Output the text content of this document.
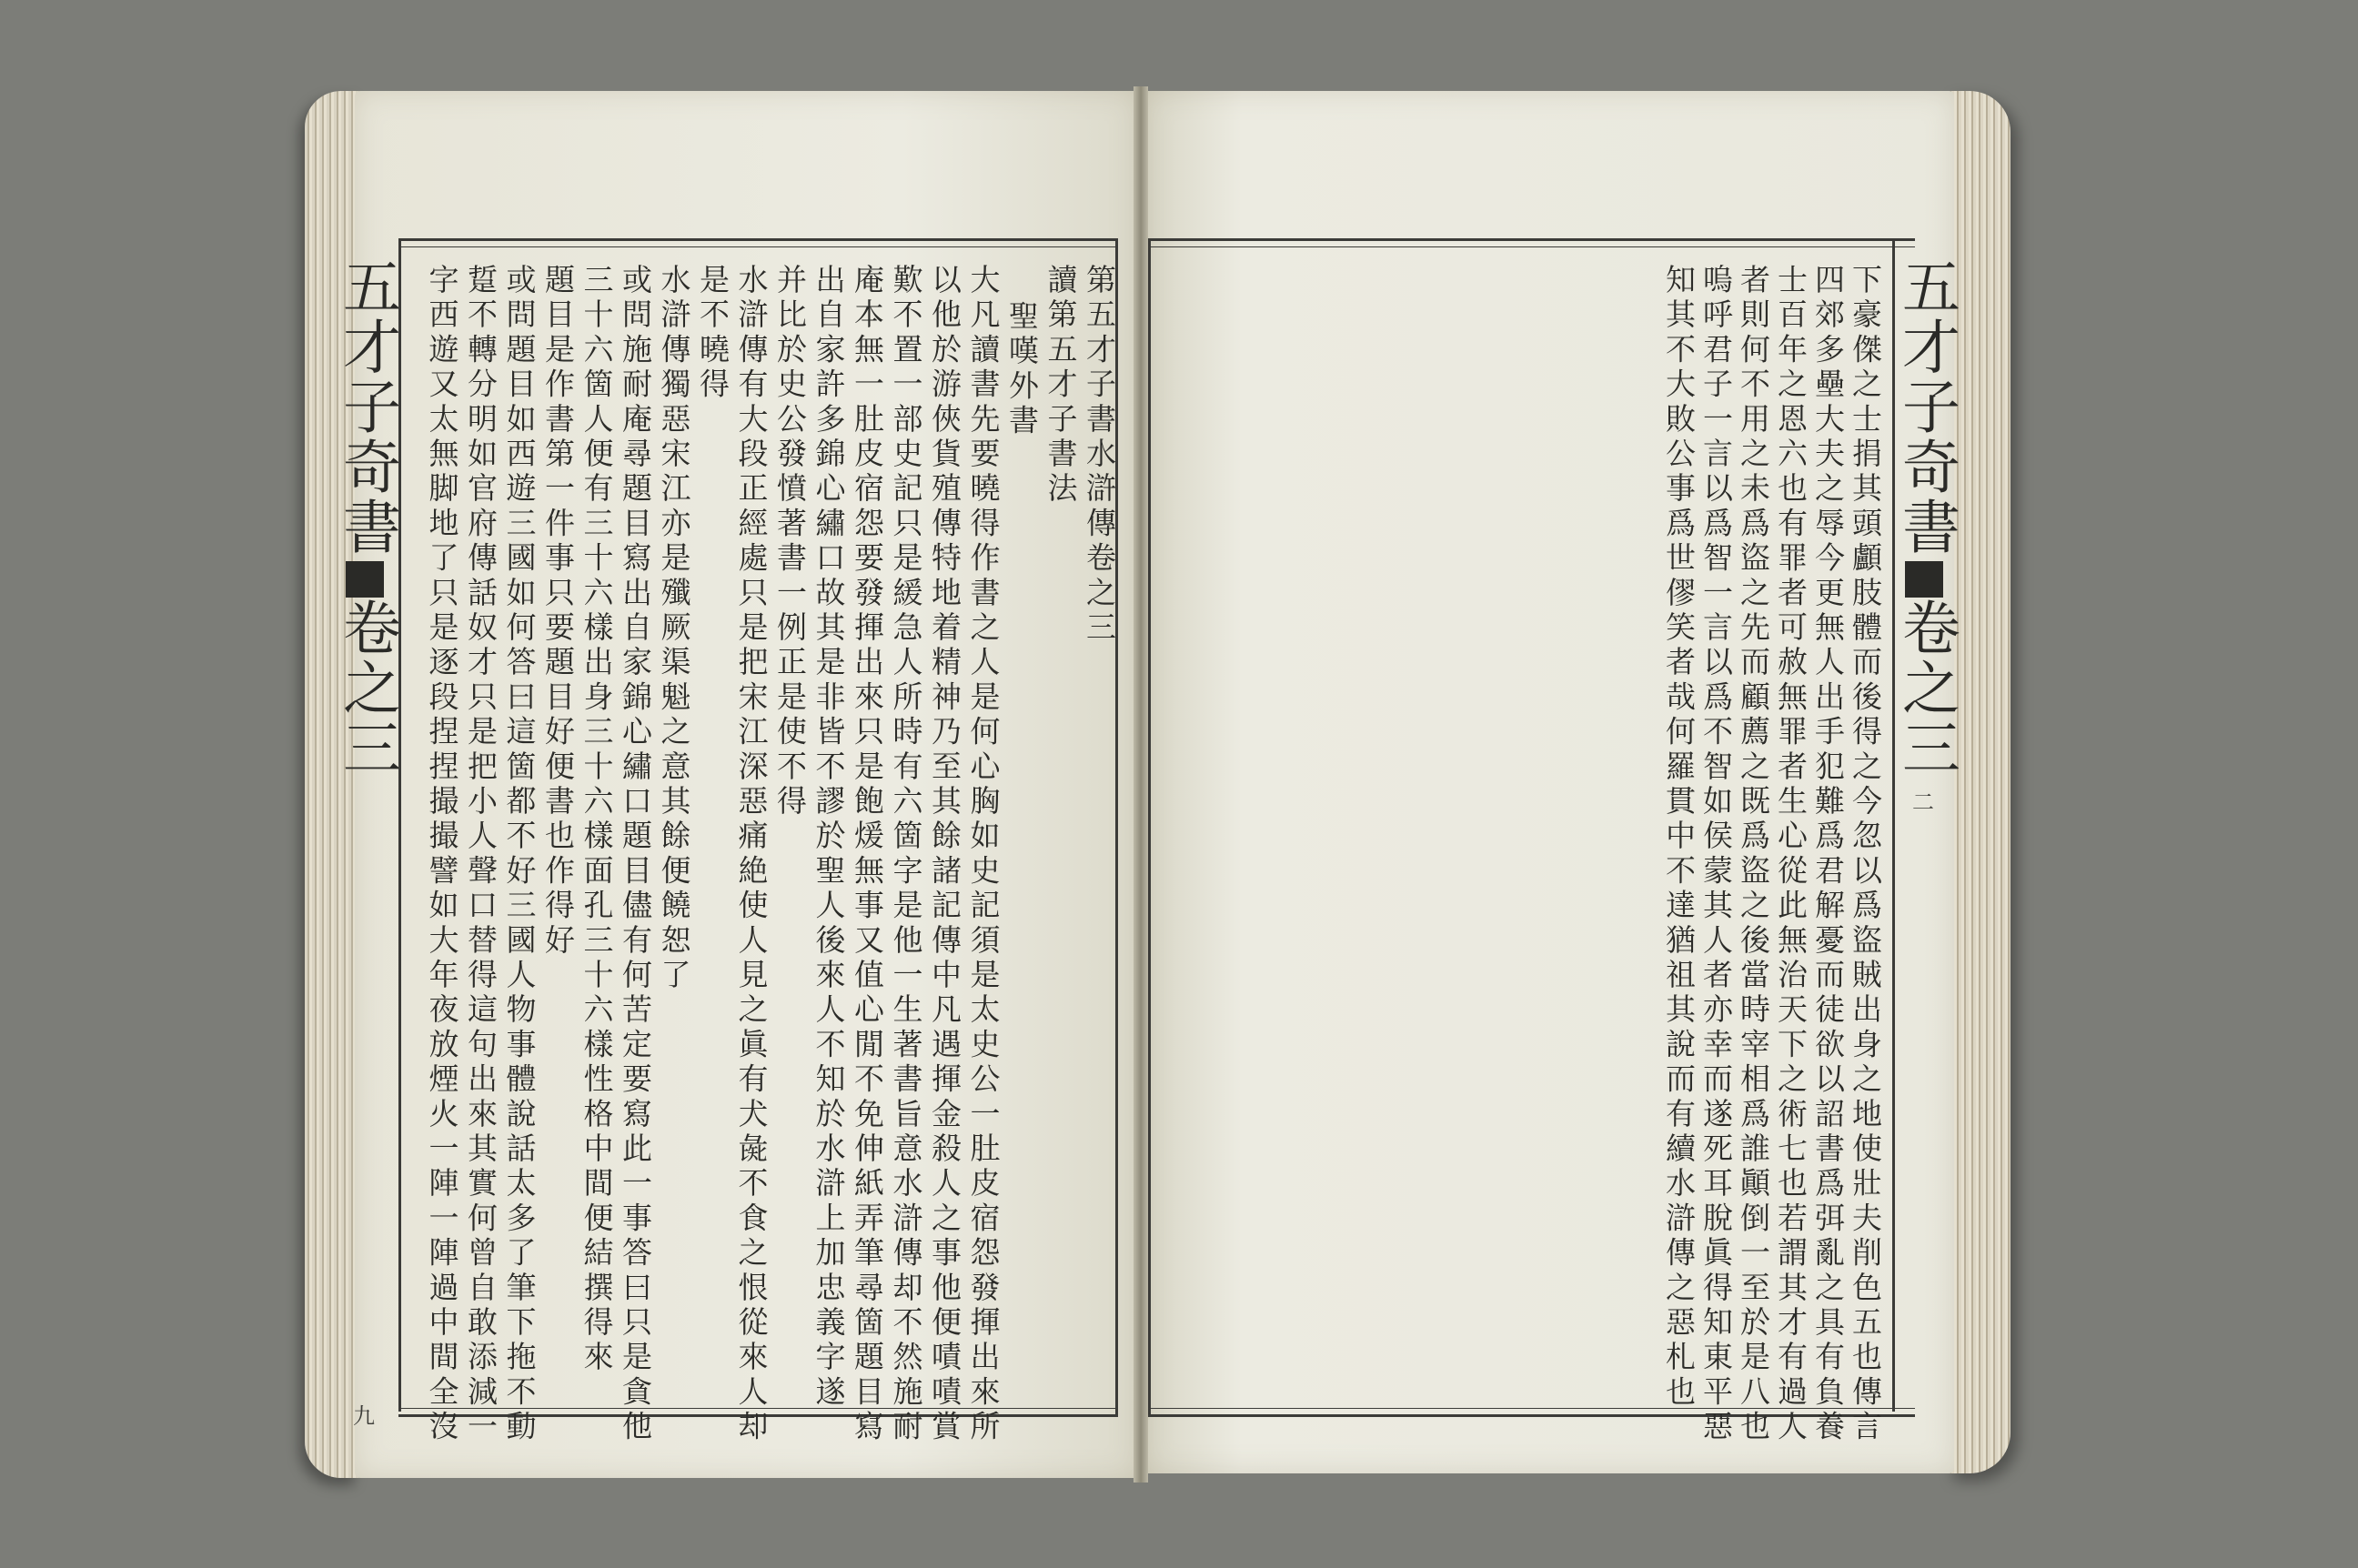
五才子奇書
卷之三
九
第五才子書水滸傳卷之三
讀第五才子書法
聖嘆外書
大凡讀書先要曉得作書之人是何心胸如史記須是太史公一肚皮宿怨發揮出來所
以他於游俠貨殖傳特地着精神乃至其餘諸記傳中凡遇揮金殺人之事他便嘖嘖賞
歎不置一部史記只是緩急人所時有六箇字是他一生著書旨意水滸傳却不然施耐
庵本無一肚皮宿怨要發揮出來只是飽煖無事又值心閒不免伸紙弄筆尋箇題目寫
出自家許多錦心繡口故其是非皆不謬於聖人後來人不知於水滸上加忠義字遂
并比於史公發憤著書一例正是使不得
水滸傳有大段正經處只是把宋江深惡痛絶使人見之眞有犬彘不食之恨從來人却
是不曉得
水滸傳獨惡宋江亦是殲厥渠魁之意其餘便饒恕了
或問施耐庵尋題目寫出自家錦心繡口題目儘有何苦定要寫此一事答曰只是貪他
三十六箇人便有三十六樣出身三十六樣面孔三十六樣性格中間便結撰得來
題目是作書第一件事只要題目好便書也作得好
或問題目如西遊三國如何答曰這箇都不好三國人物事體說話太多了筆下拖不動
踅不轉分明如官府傳話奴才只是把小人聲口替得這句出來其實何曾自敢添減一
字西遊又太無脚地了只是逐段捏捏撮撮譬如大年夜放煙火一陣一陣過中間全沒	下豪傑之士捐其頭顱肢體而後得之今忽以爲盜賊出身之地使壯夫削色五也傳言
四郊多壘大夫之辱今更無人出手犯難爲君解憂而徒欲以詔書爲弭亂之具有負養
士百年之恩六也有罪者可赦無罪者生心從此無治天下之術七也若謂其才有過人
者則何不用之未爲盜之先而顧薦之既爲盜之後當時宰相爲誰顚倒一至於是八也
嗚呼君子一言以爲智一言以爲不智如侯蒙其人者亦幸而遂死耳脫眞得知東平惡
知其不大敗公事爲世僇笑者哉何羅貫中不達猶祖其說而有續水滸傳之惡札也	五才子奇書
卷之三
二
